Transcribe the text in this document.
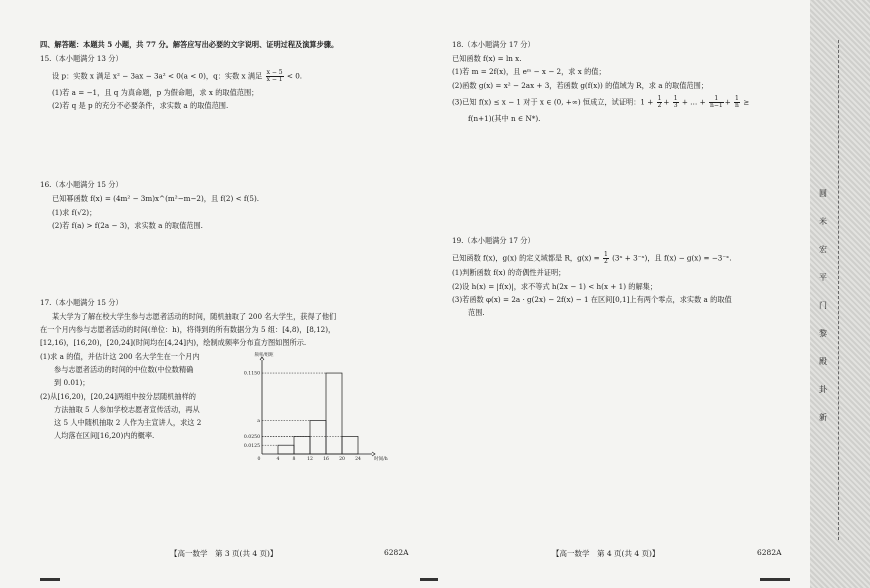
四、解答题：本题共 5 小题，共 77 分。解答应写出必要的文字说明、证明过程及演算步骤。
15.（本小题满分 13 分）
设 p：实数 x 满足 x² − 3ax − 3a² < 0(a < 0)，q：实数 x 满足 $\frac{x - 5}{x - 1} < 0$.
(1)若 a = −1，且 q 为真命题，p 为假命题，求 x 的取值范围；
(2)若 q 是 p 的充分不必要条件，求实数 a 的取值范围.
16.（本小题满分 15 分）
已知幂函数 f(x) = (4m² − 3m)x^(m²−m−2)，且 f(2) < f(5).
(1)求 f(√2)；
(2)若 f(a) > f(2a − 3)，求实数 a 的取值范围.
17.（本小题满分 15 分）
某大学为了解在校大学生参与志愿者活动的时间，随机抽取了 200 名大学生，获得了他们
在一个月内参与志愿者活动的时间(单位：h)，将得到的所有数据分为 5 组：[4,8)，[8,12)，
[12,16)，[16,20)，[20,24](时间均在[4,24]内)，绘制成频率分布直方图如图所示.
(1)求 a 的值，并估计这 200 名大学生在一个月内
参与志愿者活动的时间的中位数(中位数精确
到 0.01)；
(2)从[16,20)，[20,24]两组中按分层随机抽样的
方法抽取 5 人参加学校志愿者宣传活动，再从
这 5 人中随机抽取 2 人作为主宣讲人，求这 2
人均落在区间[16,20)内的概率.
0.0125
0.0250
a
0.1150
0	4	8	12 16 20 24
频率/组距
时间/h
【高一数学　第 3 页(共 4 页)】	6282A
18.（本小题满分 17 分）
已知函数 f(x) = ln x.
(1)若 m = 2f(x)，且 eᵐ − x − 2，求 x 的值；
(2)函数 g(x) = x² − 2ax + 3，若函数 g(f(x)) 的值域为 R，求 a 的取值范围；
(3)已知 f(x) ≤ x − 1 对于 x ∈ (0, +∞) 恒成立，试证明：$1 + \frac{1}{2} + \frac{1}{3}$ + … + $\frac{1}{n-1} + \frac{1}{n}$ ≥
f(n+1)(其中 n ∈ N*).
19.（本小题满分 17 分）
已知函数 f(x)，g(x) 的定义域都是 R，$g(x) = \frac{1}{2}$ (3ˣ + 3⁻ˣ)，且 f(x) − g(x) = −3⁻ˣ.
(1)判断函数 f(x) 的奇偶性并证明；
(2)设 h(x) = |f(x)|，求不等式 h(2x − 1) < h(x + 1) 的解集；
(3)若函数 φ(x) = 2a · g(2x) − 2f(x) − 1 在区间[0,1]上有两个零点，求实数 a 的取值
范围.
【高一数学　第 4 页(共 4 页)】	6282A
圆
米
宏
平
门
黎
殿
卦
新
